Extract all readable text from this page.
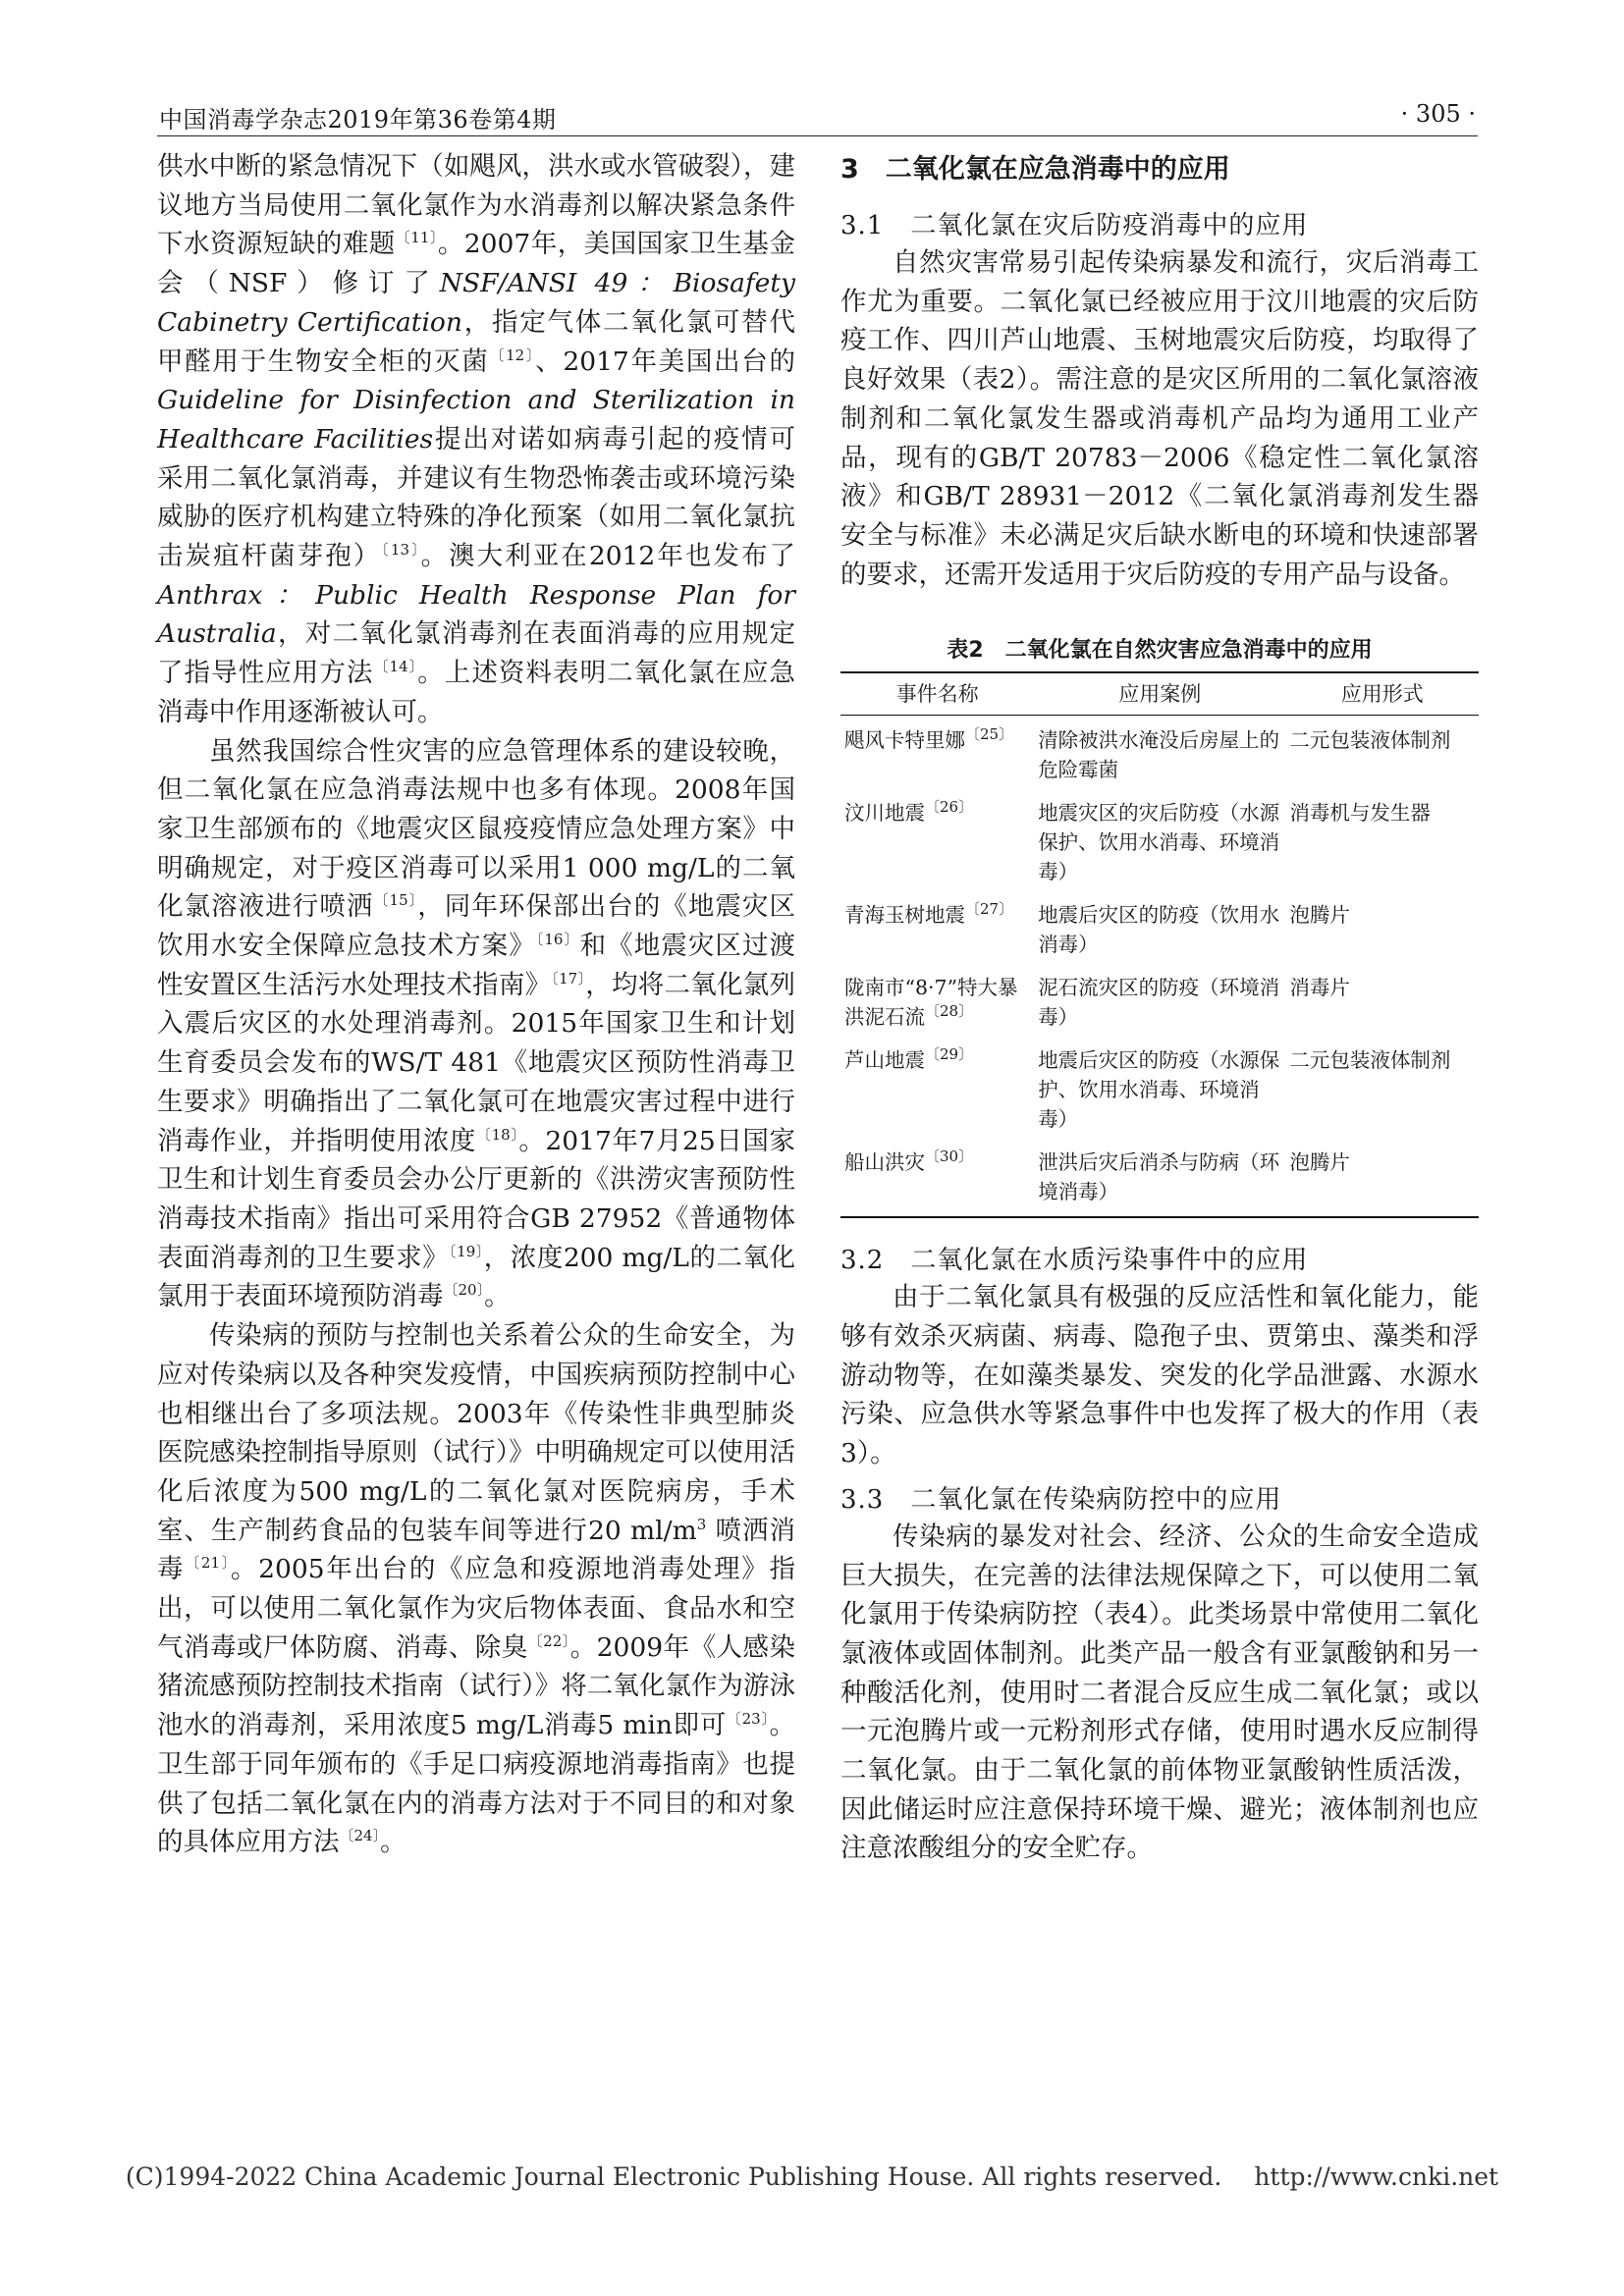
中国消毒学杂志2019年第36卷第4期	· 305 ·

供水中断的紧急情况下（如飓风，洪水或水管破裂），建议地方当局使用二氧化氯作为水消毒剂以解决紧急条件下水资源短缺的难题$^{〔11〕}$。2007年，美国国家卫生基金会（NSF）修订了NSF/ANSI 49：Biosafety Cabinetry Certification，指定气体二氧化氯可替代甲醛用于生物安全柜的灭菌$^{〔12〕}$、2017年美国出台的Guideline for Disinfection and Sterilization in Healthcare Facilities提出对诺如病毒引起的疫情可采用二氧化氯消毒，并建议有生物恐怖袭击或环境污染威胁的医疗机构建立特殊的净化预案（如用二氧化氯抗击炭疽杆菌芽孢）$^{〔13〕}$。澳大利亚在2012年也发布了Anthrax：Public Health Response Plan for Australia，对二氧化氯消毒剂在表面消毒的应用规定了指导性应用方法$^{〔14〕}$。上述资料表明二氧化氯在应急消毒中作用逐渐被认可。

虽然我国综合性灾害的应急管理体系的建设较晚，但二氧化氯在应急消毒法规中也多有体现。2008年国家卫生部颁布的《地震灾区鼠疫疫情应急处理方案》中明确规定，对于疫区消毒可以采用1 000 mg/L的二氧化氯溶液进行喷洒$^{〔15〕}$，同年环保部出台的《地震灾区饮用水安全保障应急技术方案》$^{〔16〕}$和《地震灾区过渡性安置区生活污水处理技术指南》$^{〔17〕}$，均将二氧化氯列入震后灾区的水处理消毒剂。2015年国家卫生和计划生育委员会发布的WS/T 481《地震灾区预防性消毒卫生要求》明确指出了二氧化氯可在地震灾害过程中进行消毒作业，并指明使用浓度$^{〔18〕}$。2017年7月25日国家卫生和计划生育委员会办公厅更新的《洪涝灾害预防性消毒技术指南》指出可采用符合GB 27952《普通物体表面消毒剂的卫生要求》$^{〔19〕}$，浓度200 mg/L的二氧化氯用于表面环境预防消毒$^{〔20〕}$。

传染病的预防与控制也关系着公众的生命安全，为应对传染病以及各种突发疫情，中国疾病预防控制中心也相继出台了多项法规。2003年《传染性非典型肺炎医院感染控制指导原则（试行）》中明确规定可以使用活化后浓度为500 mg/L的二氧化氯对医院病房，手术室、生产制药食品的包装车间等进行20 $ml/m^3$ 喷洒消毒$^{〔21〕}$。2005年出台的《应急和疫源地消毒处理》指出，可以使用二氧化氯作为灾后物体表面、食品水和空气消毒或尸体防腐、消毒、除臭$^{〔22〕}$。2009年《人感染猪流感预防控制技术指南（试行）》将二氧化氯作为游泳池水的消毒剂，采用浓度5 mg/L消毒5 min即可$^{〔23〕}$。卫生部于同年颁布的《手足口病疫源地消毒指南》也提供了包括二氧化氯在内的消毒方法对于不同目的和对象的具体应用方法$^{〔24〕}$。

3　二氧化氯在应急消毒中的应用
3.1　二氧化氯在灾后防疫消毒中的应用

自然灾害常易引起传染病暴发和流行，灾后消毒工作尤为重要。二氧化氯已经被应用于汶川地震的灾后防疫工作、四川芦山地震、玉树地震灾后防疫，均取得了良好效果（表2）。需注意的是灾区所用的二氧化氯溶液制剂和二氧化氯发生器或消毒机产品均为通用工业产品，现有的GB/T 20783－2006《稳定性二氧化氯溶液》和GB/T 28931－2012《二氧化氯消毒剂发生器安全与标准》未必满足灾后缺水断电的环境和快速部署的要求，还需开发适用于灾后防疫的专用产品与设备。

表2　二氧化氯在自然灾害应急消毒中的应用
事件名称	应用案例	应用形式
飓风卡特里娜$^{〔25〕}$	清除被洪水淹没后房屋上的危险霉菌	二元包装液体制剂
汶川地震$^{〔26〕}$	地震灾区的灾后防疫（水源保护、饮用水消毒、环境消毒）	消毒机与发生器
青海玉树地震$^{〔27〕}$	地震后灾区的防疫（饮用水消毒）	泡腾片
陇南市“8·7”特大暴洪泥石流$^{〔28〕}$	泥石流灾区的防疫（环境消毒）	消毒片
芦山地震$^{〔29〕}$	地震后灾区的防疫（水源保护、饮用水消毒、环境消毒）	二元包装液体制剂
船山洪灾$^{〔30〕}$	泄洪后灾后消杀与防病（环境消毒）	泡腾片
3.2　二氧化氯在水质污染事件中的应用

由于二氧化氯具有极强的反应活性和氧化能力，能够有效杀灭病菌、病毒、隐孢子虫、贾第虫、藻类和浮游动物等，在如藻类暴发、突发的化学品泄露、水源水污染、应急供水等紧急事件中也发挥了极大的作用（表3）。

3.3　二氧化氯在传染病防控中的应用

传染病的暴发对社会、经济、公众的生命安全造成巨大损失，在完善的法律法规保障之下，可以使用二氧化氯用于传染病防控（表4）。此类场景中常使用二氧化氯液体或固体制剂。此类产品一般含有亚氯酸钠和另一种酸活化剂，使用时二者混合反应生成二氧化氯；或以一元泡腾片或一元粉剂形式存储，使用时遇水反应制得二氧化氯。由于二氧化氯的前体物亚氯酸钠性质活泼，因此储运时应注意保持环境干燥、避光；液体制剂也应注意浓酸组分的安全贮存。

(C)1994-2022 China Academic Journal Electronic Publishing House. All rights reserved.　 http://www.cnki.net
